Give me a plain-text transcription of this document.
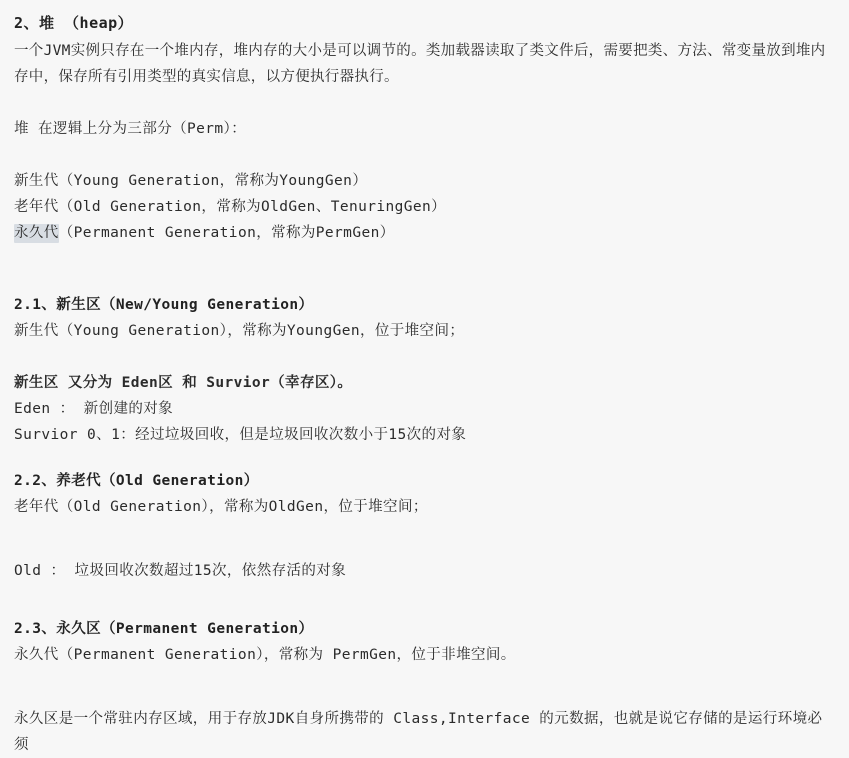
2、堆 （heap）
一个JVM实例只存在一个堆内存，堆内存的大小是可以调节的。类加载器读取了类文件后，需要把类、方法、常变量放到堆内存中，保存所有引用类型的真实信息，以方便执行器执行。
堆 在逻辑上分为三部分（Perm）：
新生代（Young Generation，常称为YoungGen）
老年代（Old Generation，常称为OldGen、TenuringGen）
永久代（Permanent Generation，常称为PermGen）
2.1、新生区（New/Young Generation）
新生代（Young Generation），常称为YoungGen，位于堆空间；

新生区 又分为 Eden区 和 Survior（幸存区）。
Eden ： 新创建的对象
Survior 0、1：经过垃圾回收，但是垃圾回收次数小于15次的对象
2.2、养老代（Old Generation）
老年代（Old Generation），常称为OldGen，位于堆空间；

Old ： 垃圾回收次数超过15次，依然存活的对象
2.3、永久区（Permanent Generation）
永久代（Permanent Generation），常称为 PermGen，位于非堆空间。

永久区是一个常驻内存区域，用于存放JDK自身所携带的 Class,Interface 的元数据，也就是说它存储的是运行环境必须
